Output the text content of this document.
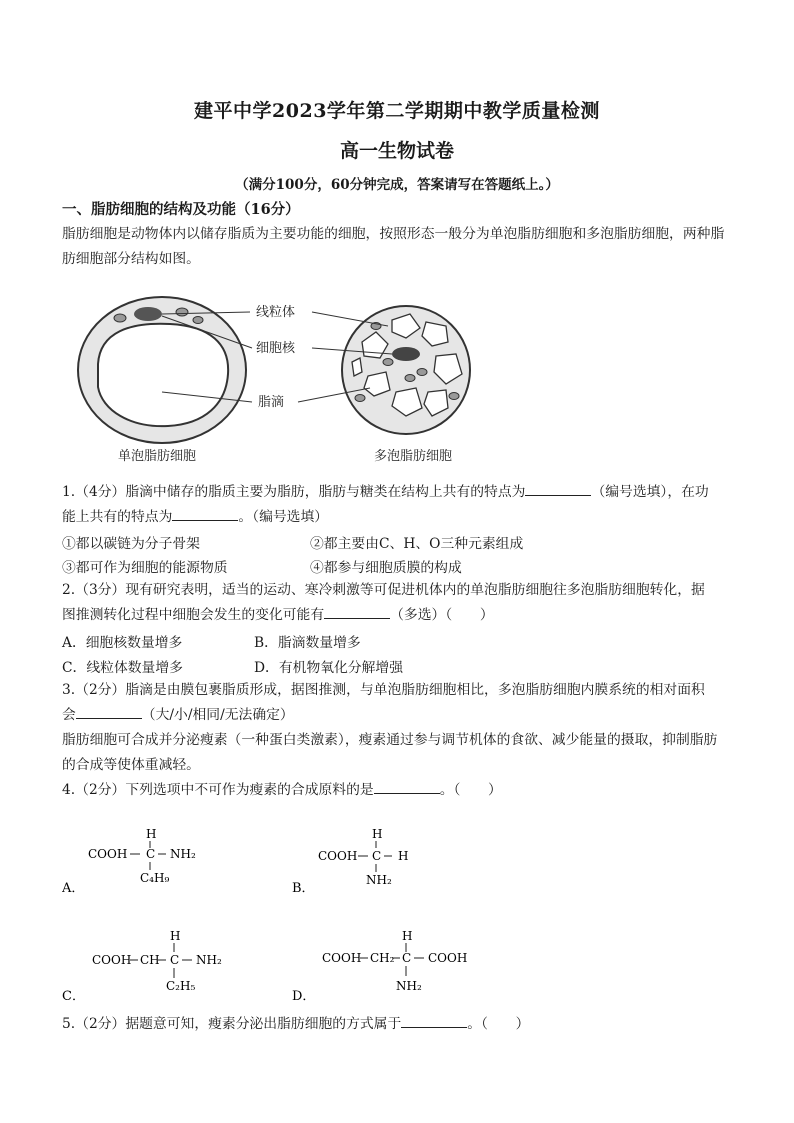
建平中学2023学年第二学期期中教学质量检测
高一生物试卷
（满分100分，60分钟完成，答案请写在答题纸上。）
一、脂肪细胞的结构及功能（16分）
脂肪细胞是动物体内以储存脂质为主要功能的细胞，按照形态一般分为单泡脂肪细胞和多泡脂肪细胞，两种脂肪细胞部分结构如图。
线粒体
细胞核
脂滴
单泡脂肪细胞	多泡脂肪细胞
1.（4分）脂滴中储存的脂质主要为脂肪，脂肪与糖类在结构上共有的特点为	（编号选填），在功
能上共有的特点为	。（编号选填）
①都以碳链为分子骨架	②都主要由C、H、O三种元素组成
③都可作为细胞的能源物质	④都参与细胞质膜的构成
2.（3分）现有研究表明，适当的运动、寒冷刺激等可促进机体内的单泡脂肪细胞往多泡脂肪细胞转化，据
图推测转化过程中细胞会发生的变化可能有	（多选）（　　）
A．细胞核数量增多	B．脂滴数量增多
C．线粒体数量增多	D．有机物氧化分解增强
3.（2分）脂滴是由膜包裹脂质形成，据图推测，与单泡脂肪细胞相比，多泡脂肪细胞内膜系统的相对面积
会	（大/小/相同/无法确定）
脂肪细胞可合成并分泌瘦素（一种蛋白类激素），瘦素通过参与调节机体的食欲、减少能量的摄取，抑制脂肪
的合成等使体重减轻。
4.（2分）下列选项中不可作为瘦素的合成原料的是	。（　　）
H
COOH C NH₂
C₄H₉
A．
H
COOH C H
NH₂
B．
H
COOH CH C NH₂
C₂H₅
C．
H
COOH CH₂ C COOH
NH₂
D．
5.（2分）据题意可知，瘦素分泌出脂肪细胞的方式属于	。（　　）
